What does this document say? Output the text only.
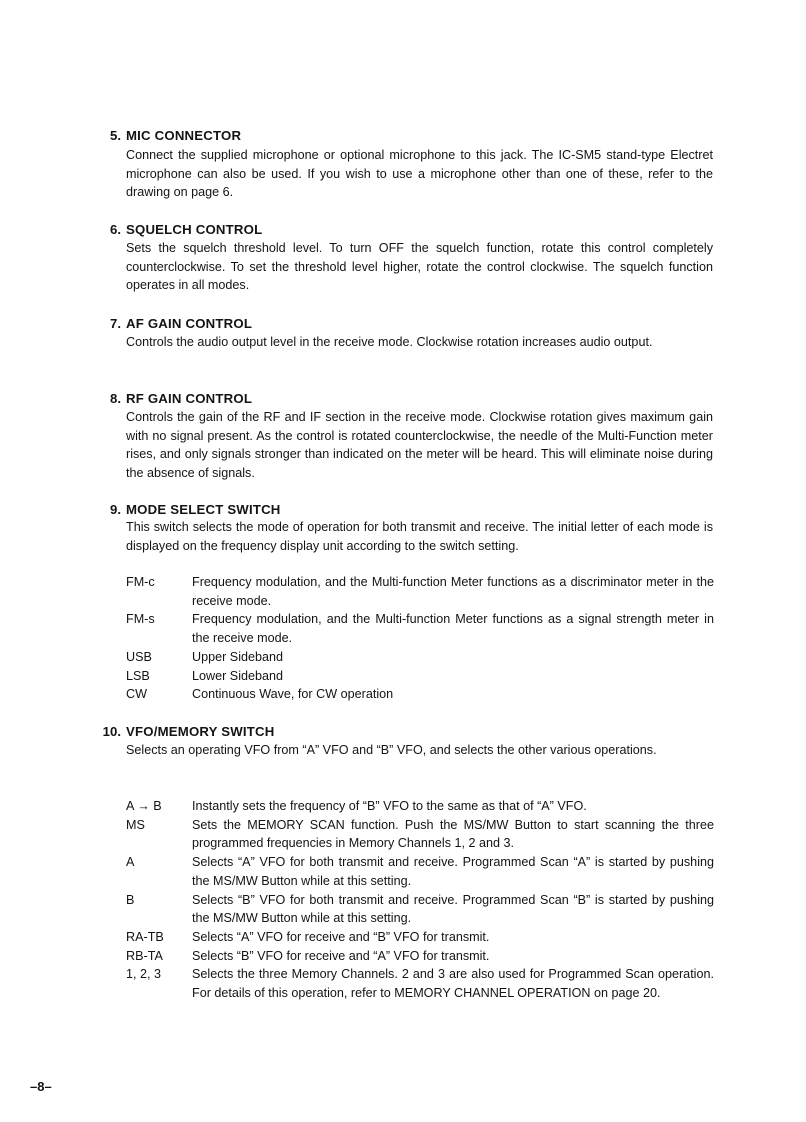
5. MIC CONNECTOR

Connect the supplied microphone or optional microphone to this jack. The IC-SM5 stand-type Electret microphone can also be used. If you wish to use a microphone other than one of these, refer to the drawing on page 6.

6. SQUELCH CONTROL

Sets the squelch threshold level. To turn OFF the squelch function, rotate this control completely counterclockwise. To set the threshold level higher, rotate the control clockwise. The squelch function operates in all modes.

7. AF GAIN CONTROL

Controls the audio output level in the receive mode. Clockwise rotation increases audio output.

8. RF GAIN CONTROL

Controls the gain of the RF and IF section in the receive mode. Clockwise rotation gives maximum gain with no signal present. As the control is rotated counterclockwise, the needle of the Multi-Function meter rises, and only signals stronger than indicated on the meter will be heard. This will eliminate noise during the absence of signals.

9. MODE SELECT SWITCH

This switch selects the mode of operation for both transmit and receive. The initial letter of each mode is displayed on the frequency display unit according to the switch setting.

FM-c	Frequency modulation, and the Multi-function Meter functions as a discriminator meter in the receive mode.
FM-s	Frequency modulation, and the Multi-function Meter functions as a signal strength meter in the receive mode.
USB	Upper Sideband
LSB	Lower Sideband
CW	Continuous Wave, for CW operation
10. VFO/MEMORY SWITCH

Selects an operating VFO from “A” VFO and “B” VFO, and selects the other various operations.

A → B	Instantly sets the frequency of “B” VFO to the same as that of “A” VFO.
MS	Sets the MEMORY SCAN function. Push the MS/MW Button to start scanning the three programmed frequencies in Memory Channels 1, 2 and 3.
A	Selects “A” VFO for both transmit and receive. Programmed Scan “A” is started by pushing the MS/MW Button while at this setting.
B	Selects “B” VFO for both transmit and receive. Programmed Scan “B” is started by pushing the MS/MW Button while at this setting.
RA-TB	Selects “A” VFO for receive and “B” VFO for transmit.
RB-TA	Selects “B” VFO for receive and “A” VFO for transmit.
1, 2, 3	Selects the three Memory Channels. 2 and 3 are also used for Programmed Scan operation. For details of this operation, refer to MEMORY CHANNEL OPERATION on page 20.
–8–
